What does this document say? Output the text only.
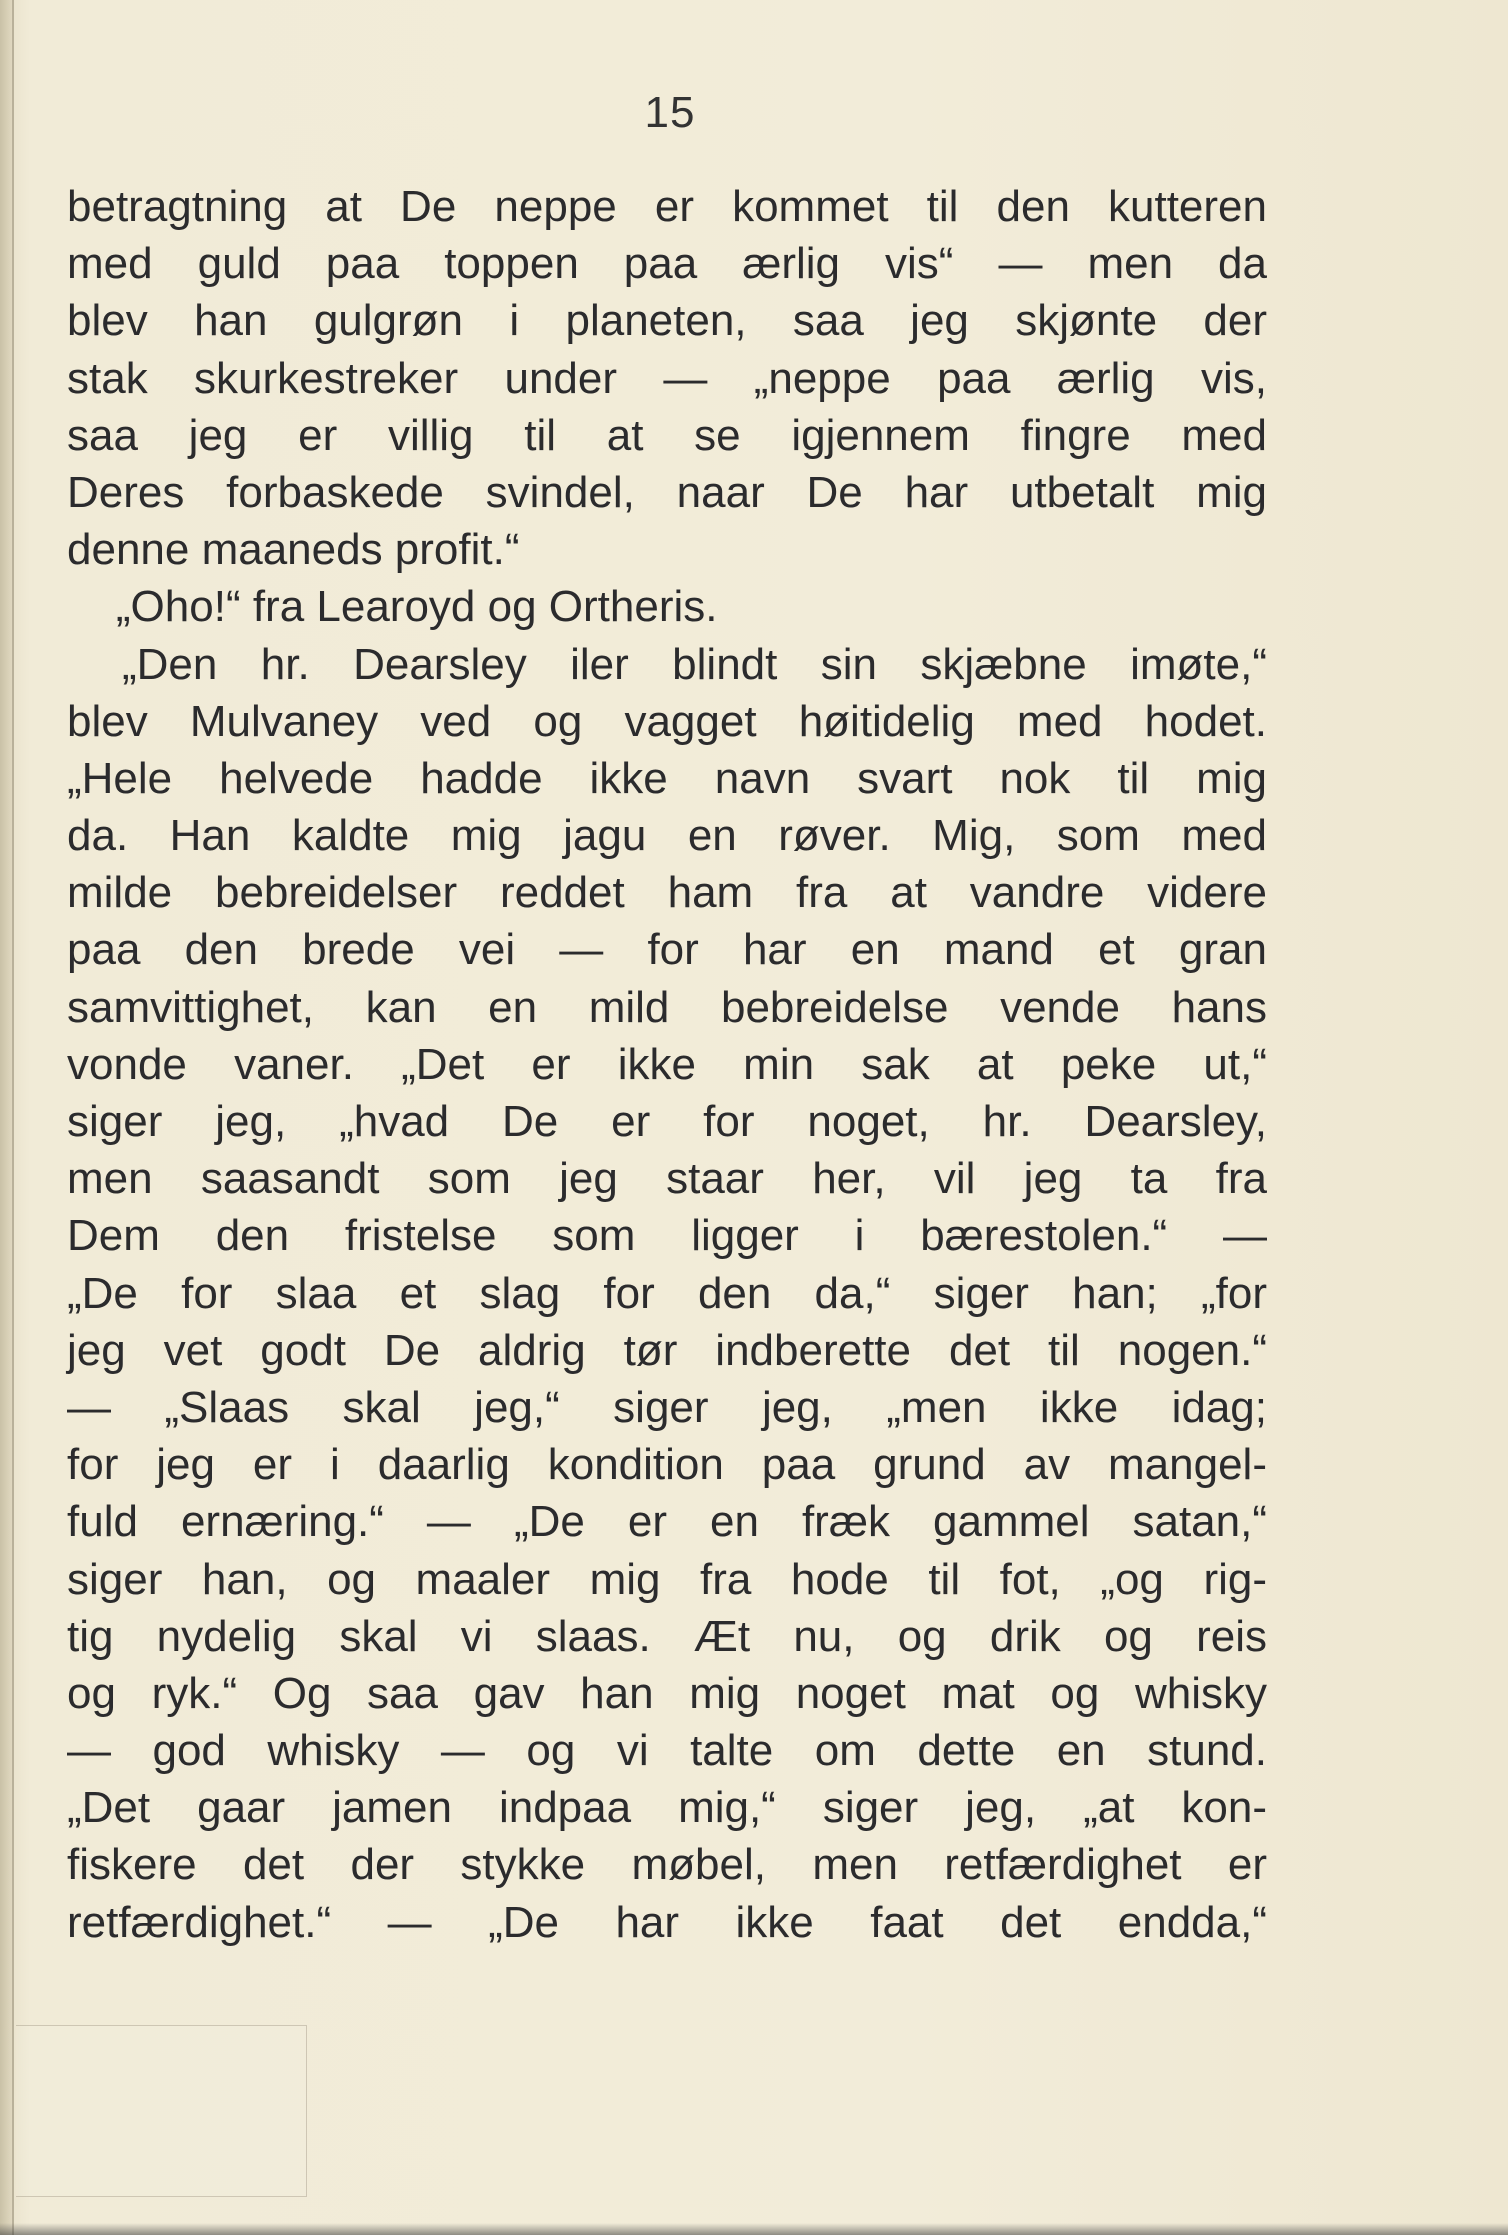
15
betragtning at De neppe er kommet til den kutteren
med guld paa toppen paa ærlig vis“ — men da
blev han gulgrøn i planeten, saa jeg skjønte der
stak skurkestreker under — „neppe paa ærlig vis,
saa jeg er villig til at se igjennem fingre med
Deres forbaskede svindel, naar De har utbetalt mig
denne maaneds profit.“
„Oho!“ fra Learoyd og Ortheris.
„Den hr. Dearsley iler blindt sin skjæbne imøte,“
blev Mulvaney ved og vagget høitidelig med hodet.
„Hele helvede hadde ikke navn svart nok til mig
da. Han kaldte mig jagu en røver. Mig, som med
milde bebreidelser reddet ham fra at vandre videre
paa den brede vei — for har en mand et gran
samvittighet, kan en mild bebreidelse vende hans
vonde vaner. „Det er ikke min sak at peke ut,“
siger jeg, „hvad De er for noget, hr. Dearsley,
men saasandt som jeg staar her, vil jeg ta fra
Dem den fristelse som ligger i bærestolen.“ —
„De for slaa et slag for den da,“ siger han; „for
jeg vet godt De aldrig tør indberette det til nogen.“
— „Slaas skal jeg,“ siger jeg, „men ikke idag;
for jeg er i daarlig kondition paa grund av mangel-
fuld ernæring.“ — „De er en fræk gammel satan,“
siger han, og maaler mig fra hode til fot, „og rig-
tig nydelig skal vi slaas. Æt nu, og drik og reis
og ryk.“ Og saa gav han mig noget mat og whisky
— god whisky — og vi talte om dette en stund.
„Det gaar jamen indpaa mig,“ siger jeg, „at kon-
fiskere det der stykke møbel, men retfærdighet er
retfærdighet.“ — „De har ikke faat det endda,“
